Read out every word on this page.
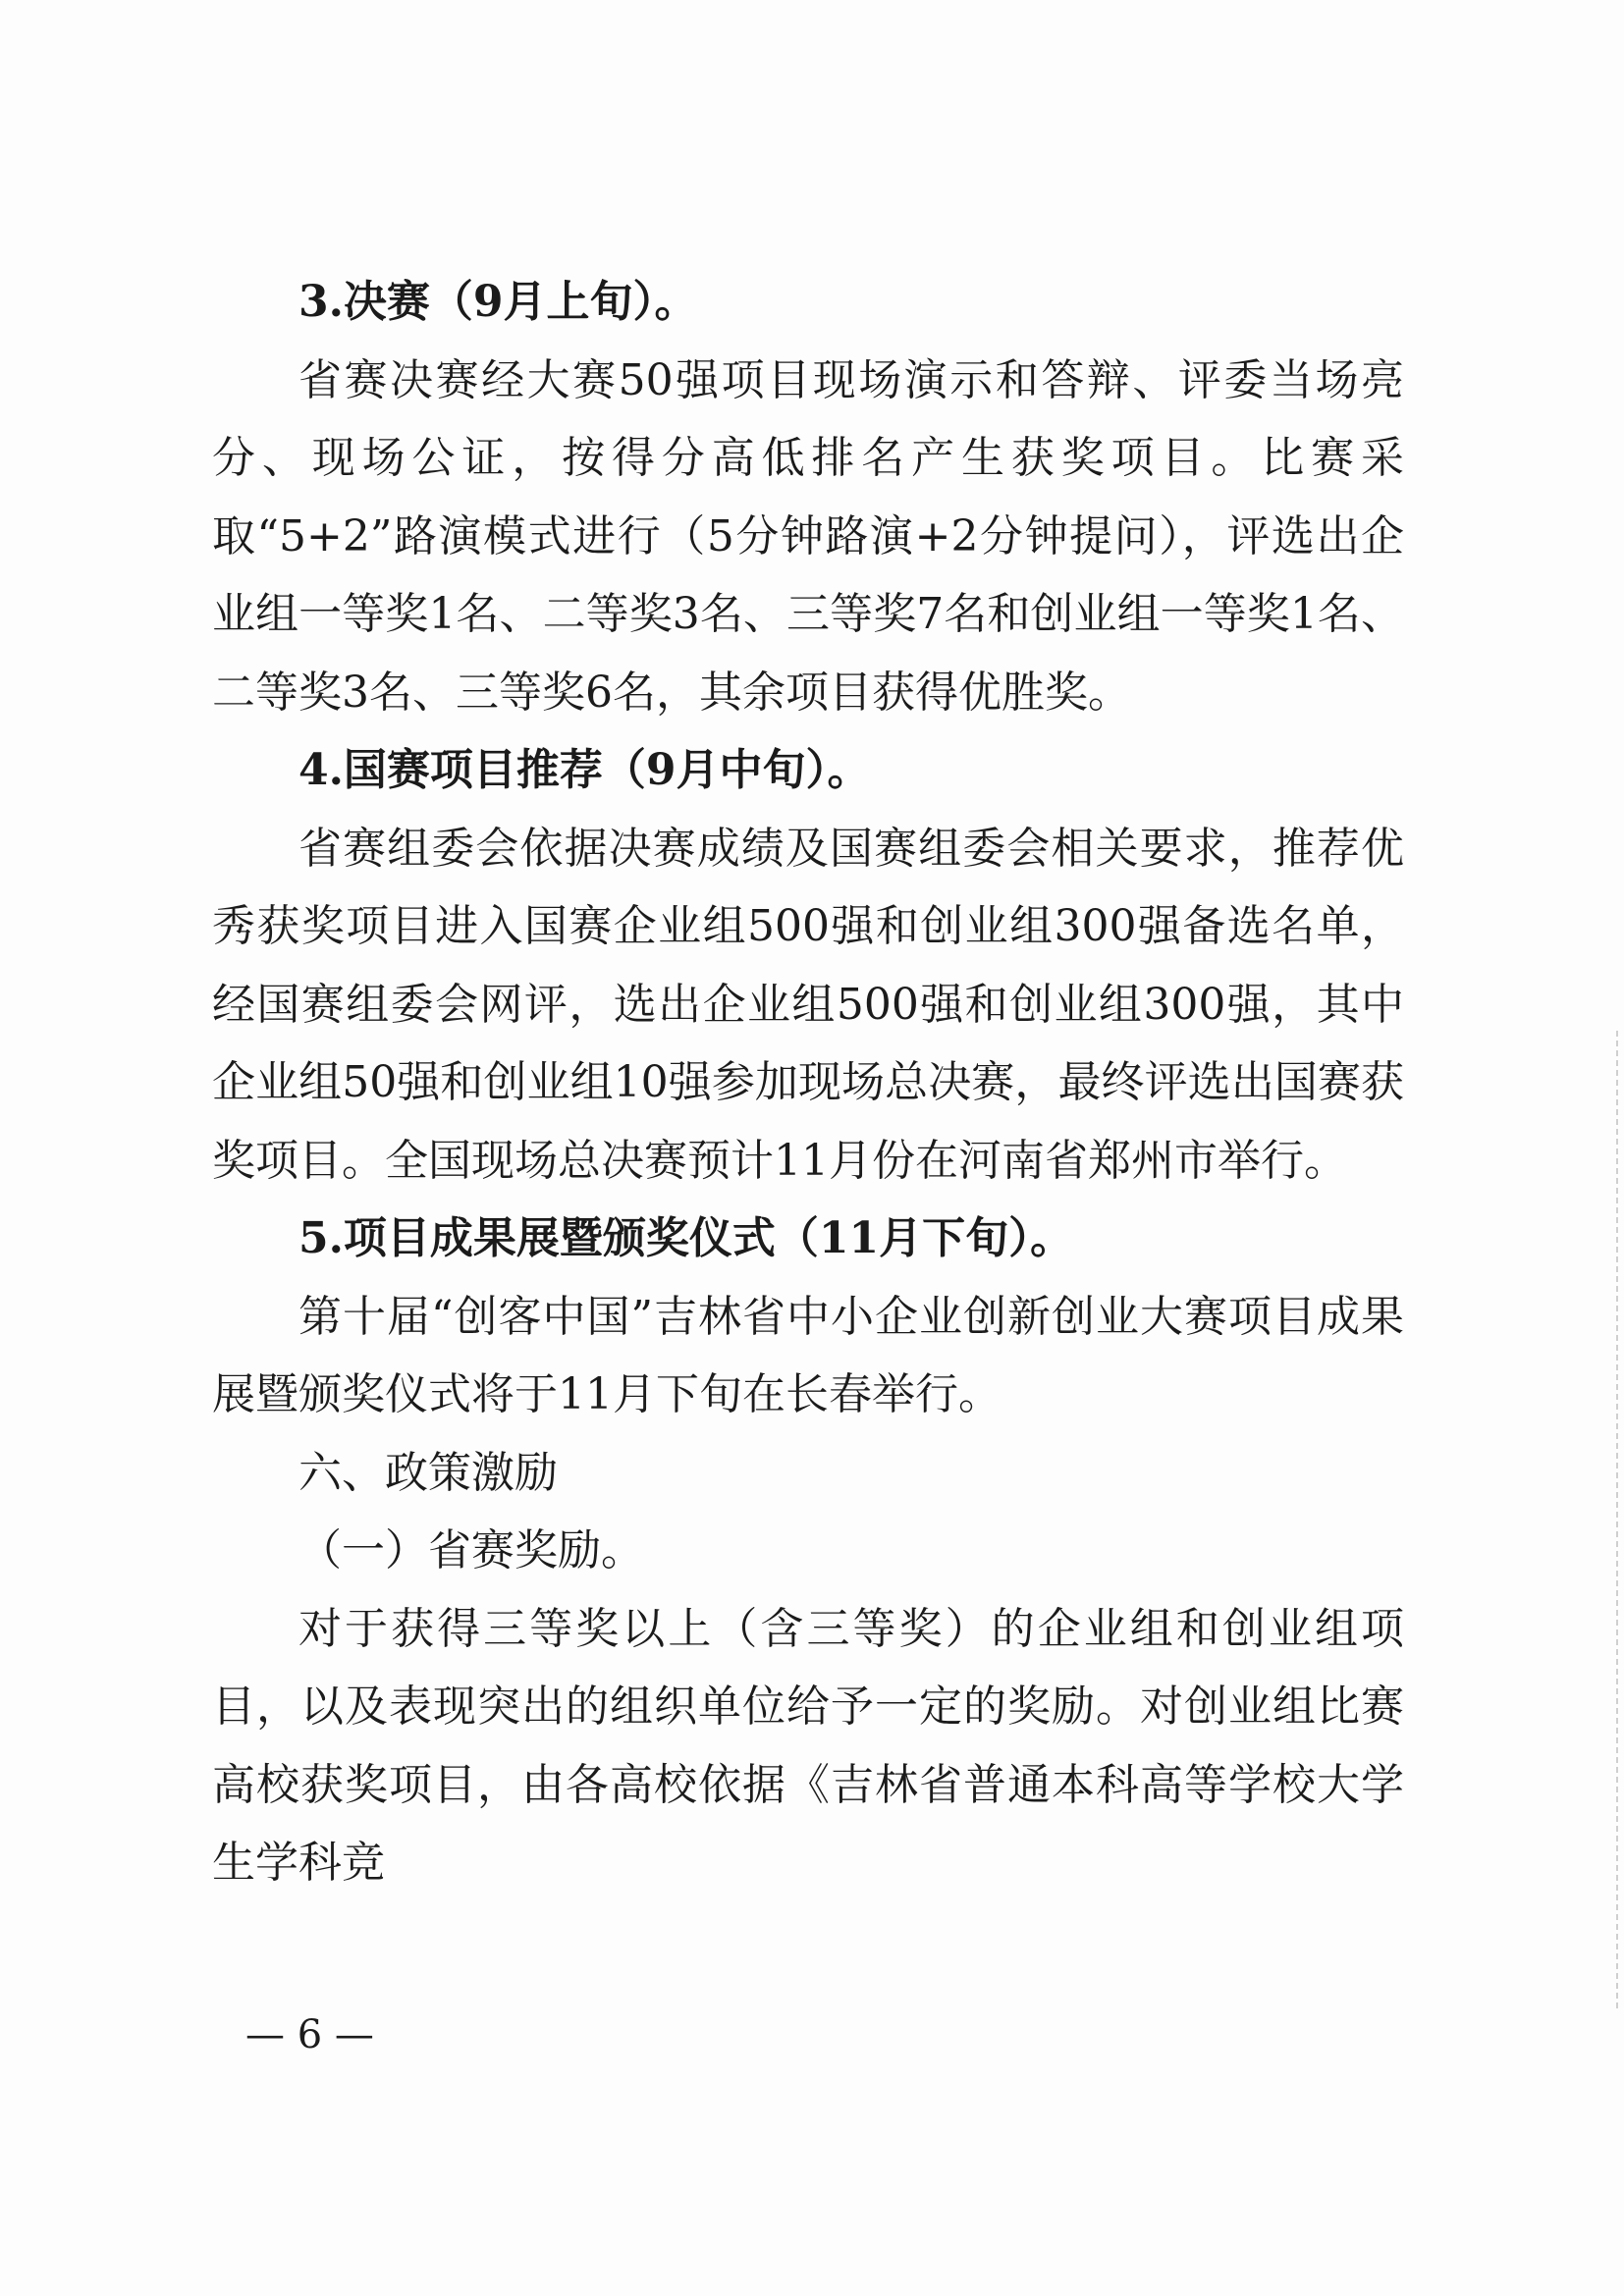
3.决赛（9月上旬）。

省赛决赛经大赛50强项目现场演示和答辩、评委当场亮分、现场公证，按得分高低排名产生获奖项目。比赛采取“5+2”路演模式进行（5分钟路演+2分钟提问），评选出企业组一等奖1名、二等奖3名、三等奖7名和创业组一等奖1名、二等奖3名、三等奖6名，其余项目获得优胜奖。

4.国赛项目推荐（9月中旬）。

省赛组委会依据决赛成绩及国赛组委会相关要求，推荐优秀获奖项目进入国赛企业组500强和创业组300强备选名单，经国赛组委会网评，选出企业组500强和创业组300强，其中企业组50强和创业组10强参加现场总决赛，最终评选出国赛获奖项目。全国现场总决赛预计11月份在河南省郑州市举行。

5.项目成果展暨颁奖仪式（11月下旬）。

第十届“创客中国”吉林省中小企业创新创业大赛项目成果展暨颁奖仪式将于11月下旬在长春举行。

六、政策激励

（一）省赛奖励。

对于获得三等奖以上（含三等奖）的企业组和创业组项目，以及表现突出的组织单位给予一定的奖励。对创业组比赛高校获奖项目，由各高校依据《吉林省普通本科高等学校大学生学科竞

— 6 —
